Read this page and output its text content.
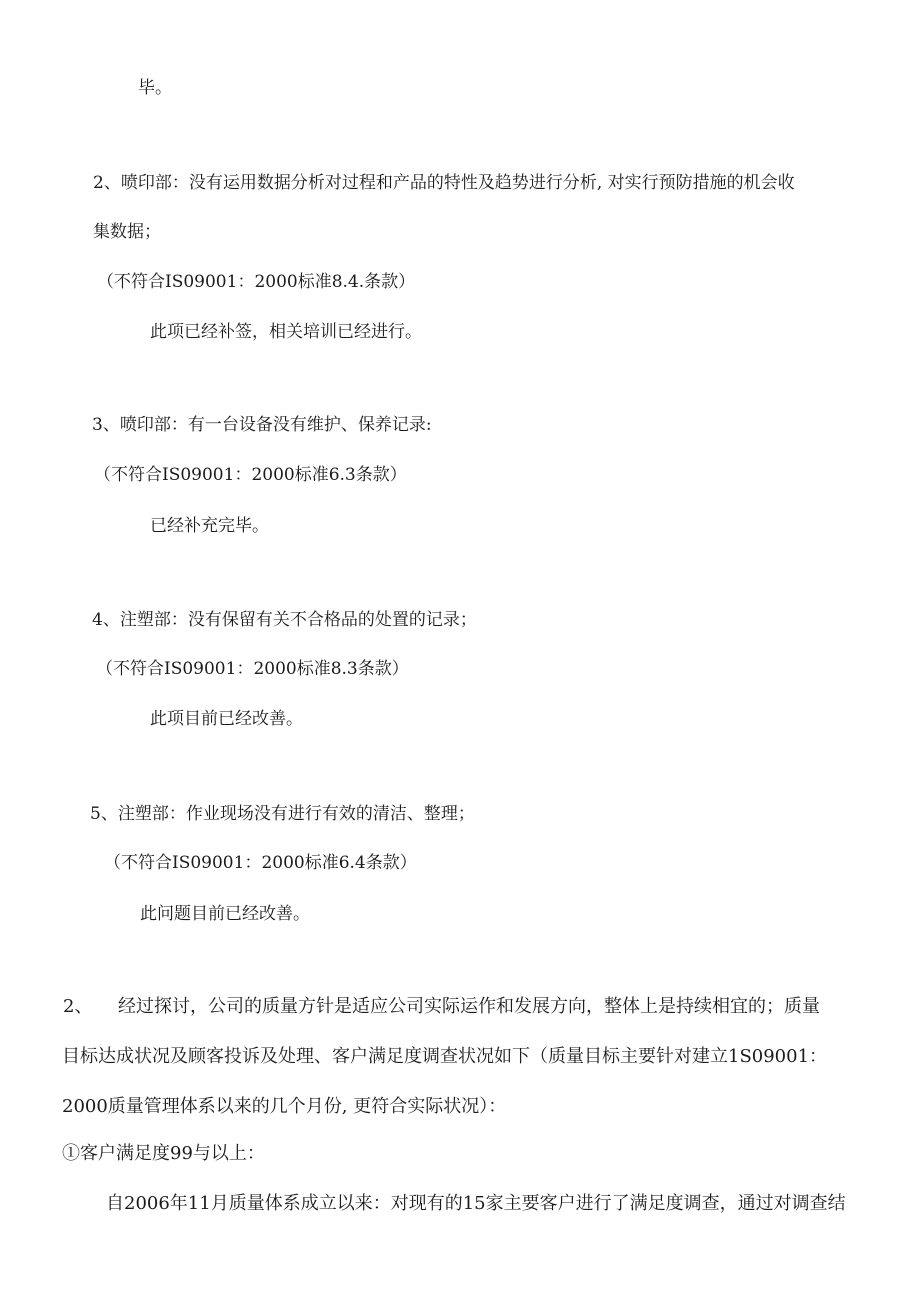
毕。
2、喷印部：没有运用数据分析对过程和产品的特性及趋势进行分析, 对实行预防措施的机会收
集数据；
（不符合IS09001：2000标准8.4.条款）
此项已经补签，相关培训已经进行。
3、喷印部：有一台设备没有维护、保养记录:
（不符合IS09001：2000标准6.3条款）
已经补充完毕。
4、注塑部：没有保留有关不合格品的处置的记录；
（不符合IS09001：2000标准8.3条款）
此项目前已经改善。
5、注塑部：作业现场没有进行有效的清洁、整理；
（不符合IS09001：2000标准6.4条款）
此问题目前已经改善。
2、 经过探讨，公司的质量方针是适应公司实际运作和发展方向，整体上是持续相宜的；质量
目标达成状况及顾客投诉及处理、客户满足度调查状况如下（质量目标主要针对建立1S09001：
2000质量管理体系以来的几个月份, 更符合实际状况）：
①客户满足度99与以上：
自2006年11月质量体系成立以来：对现有的15家主要客户进行了满足度调查，通过对调查结
